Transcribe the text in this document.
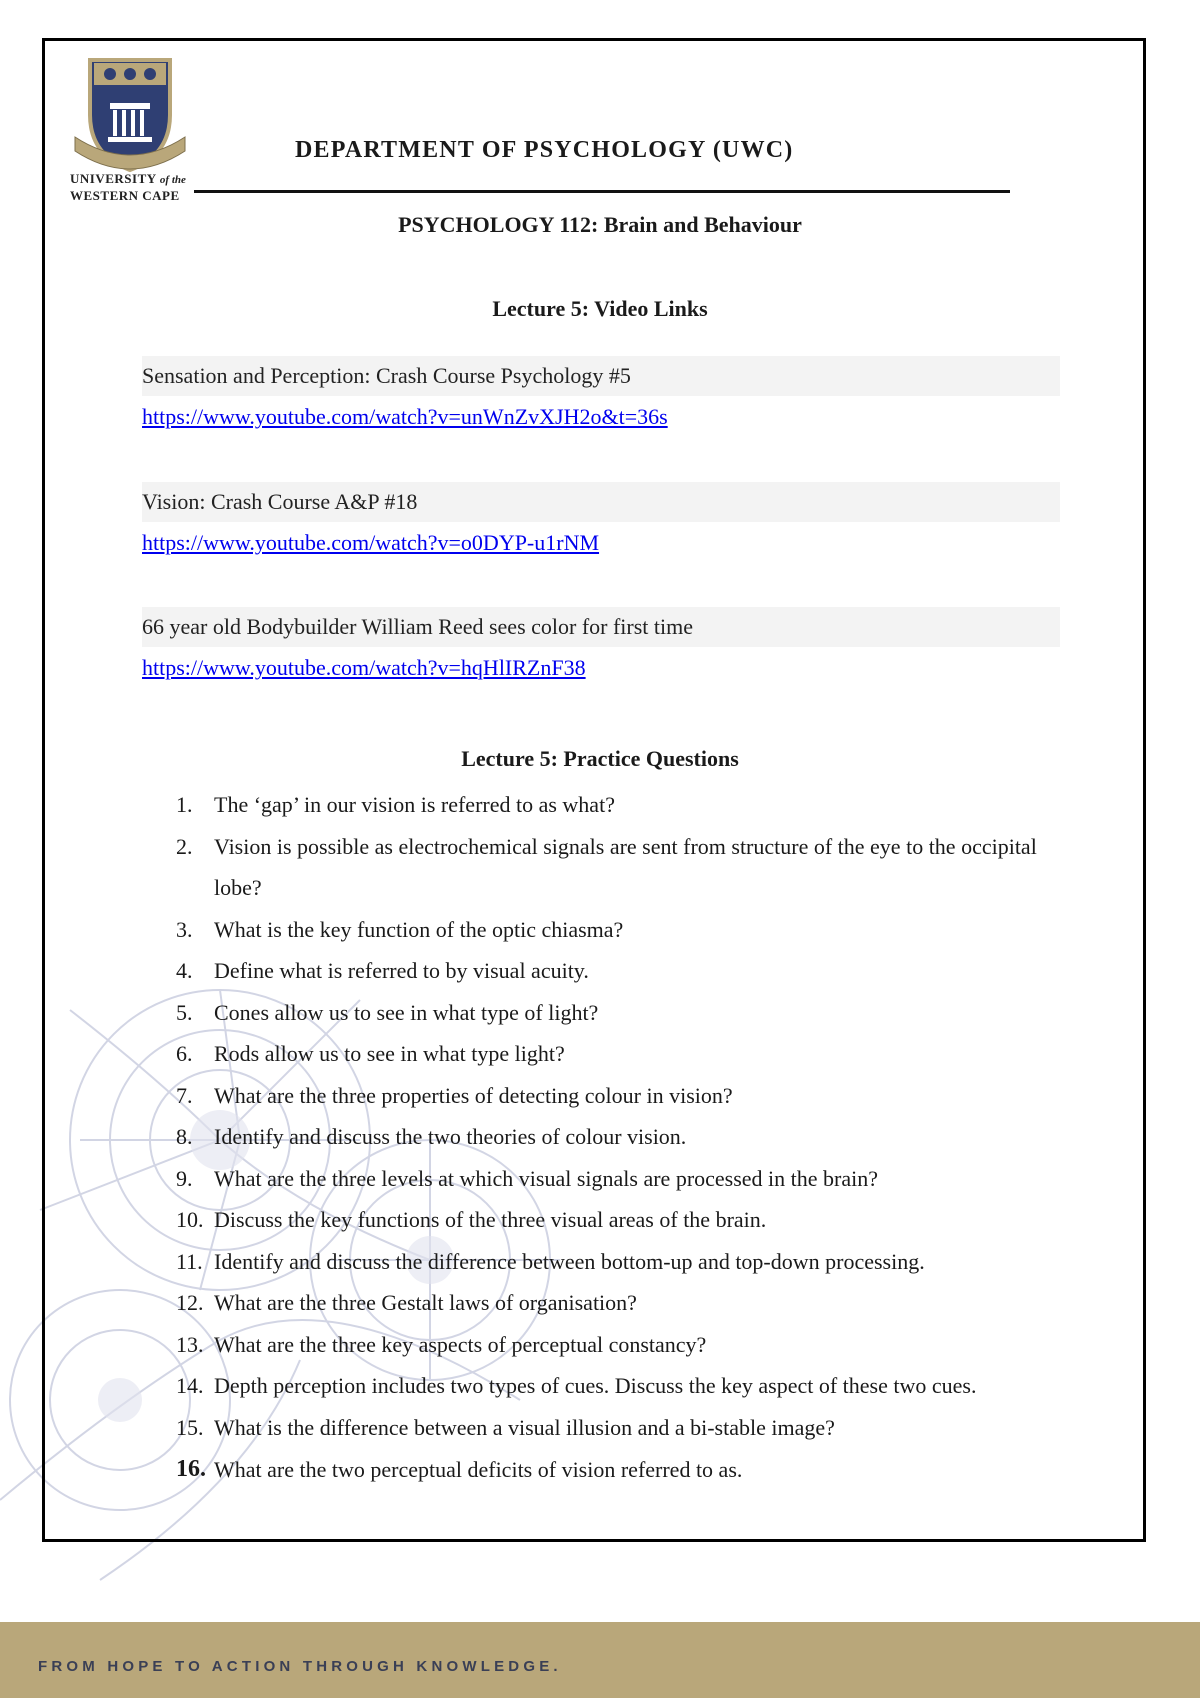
UNIVERSITY of the
WESTERN CAPE
DEPARTMENT OF PSYCHOLOGY (UWC)
PSYCHOLOGY 112: Brain and Behaviour
Lecture 5: Video Links
Sensation and Perception: Crash Course Psychology #5
https://www.youtube.com/watch?v=unWnZvXJH2o&t=36s
Vision: Crash Course A&P #18
https://www.youtube.com/watch?v=o0DYP-u1rNM
66 year old Bodybuilder William Reed sees color for first time
https://www.youtube.com/watch?v=hqHlIRZnF38
Lecture 5: Practice Questions
1. The ‘gap’ in our vision is referred to as what?
2. Vision is possible as electrochemical signals are sent from structure of the eye to the occipital lobe?
3. What is the key function of the optic chiasma?
4. Define what is referred to by visual acuity.
5. Cones allow us to see in what type of light?
6. Rods allow us to see in what type light?
7. What are the three properties of detecting colour in vision?
8. Identify and discuss the two theories of colour vision.
9. What are the three levels at which visual signals are processed in the brain?
10. Discuss the key functions of the three visual areas of the brain.
11. Identify and discuss the difference between bottom-up and top-down processing.
12. What are the three Gestalt laws of organisation?
13. What are the three key aspects of perceptual constancy?
14. Depth perception includes two types of cues. Discuss the key aspect of these two cues.
15. What is the difference between a visual illusion and a bi-stable image?
16. What are the two perceptual deficits of vision referred to as.
FROM HOPE TO ACTION THROUGH KNOWLEDGE.
